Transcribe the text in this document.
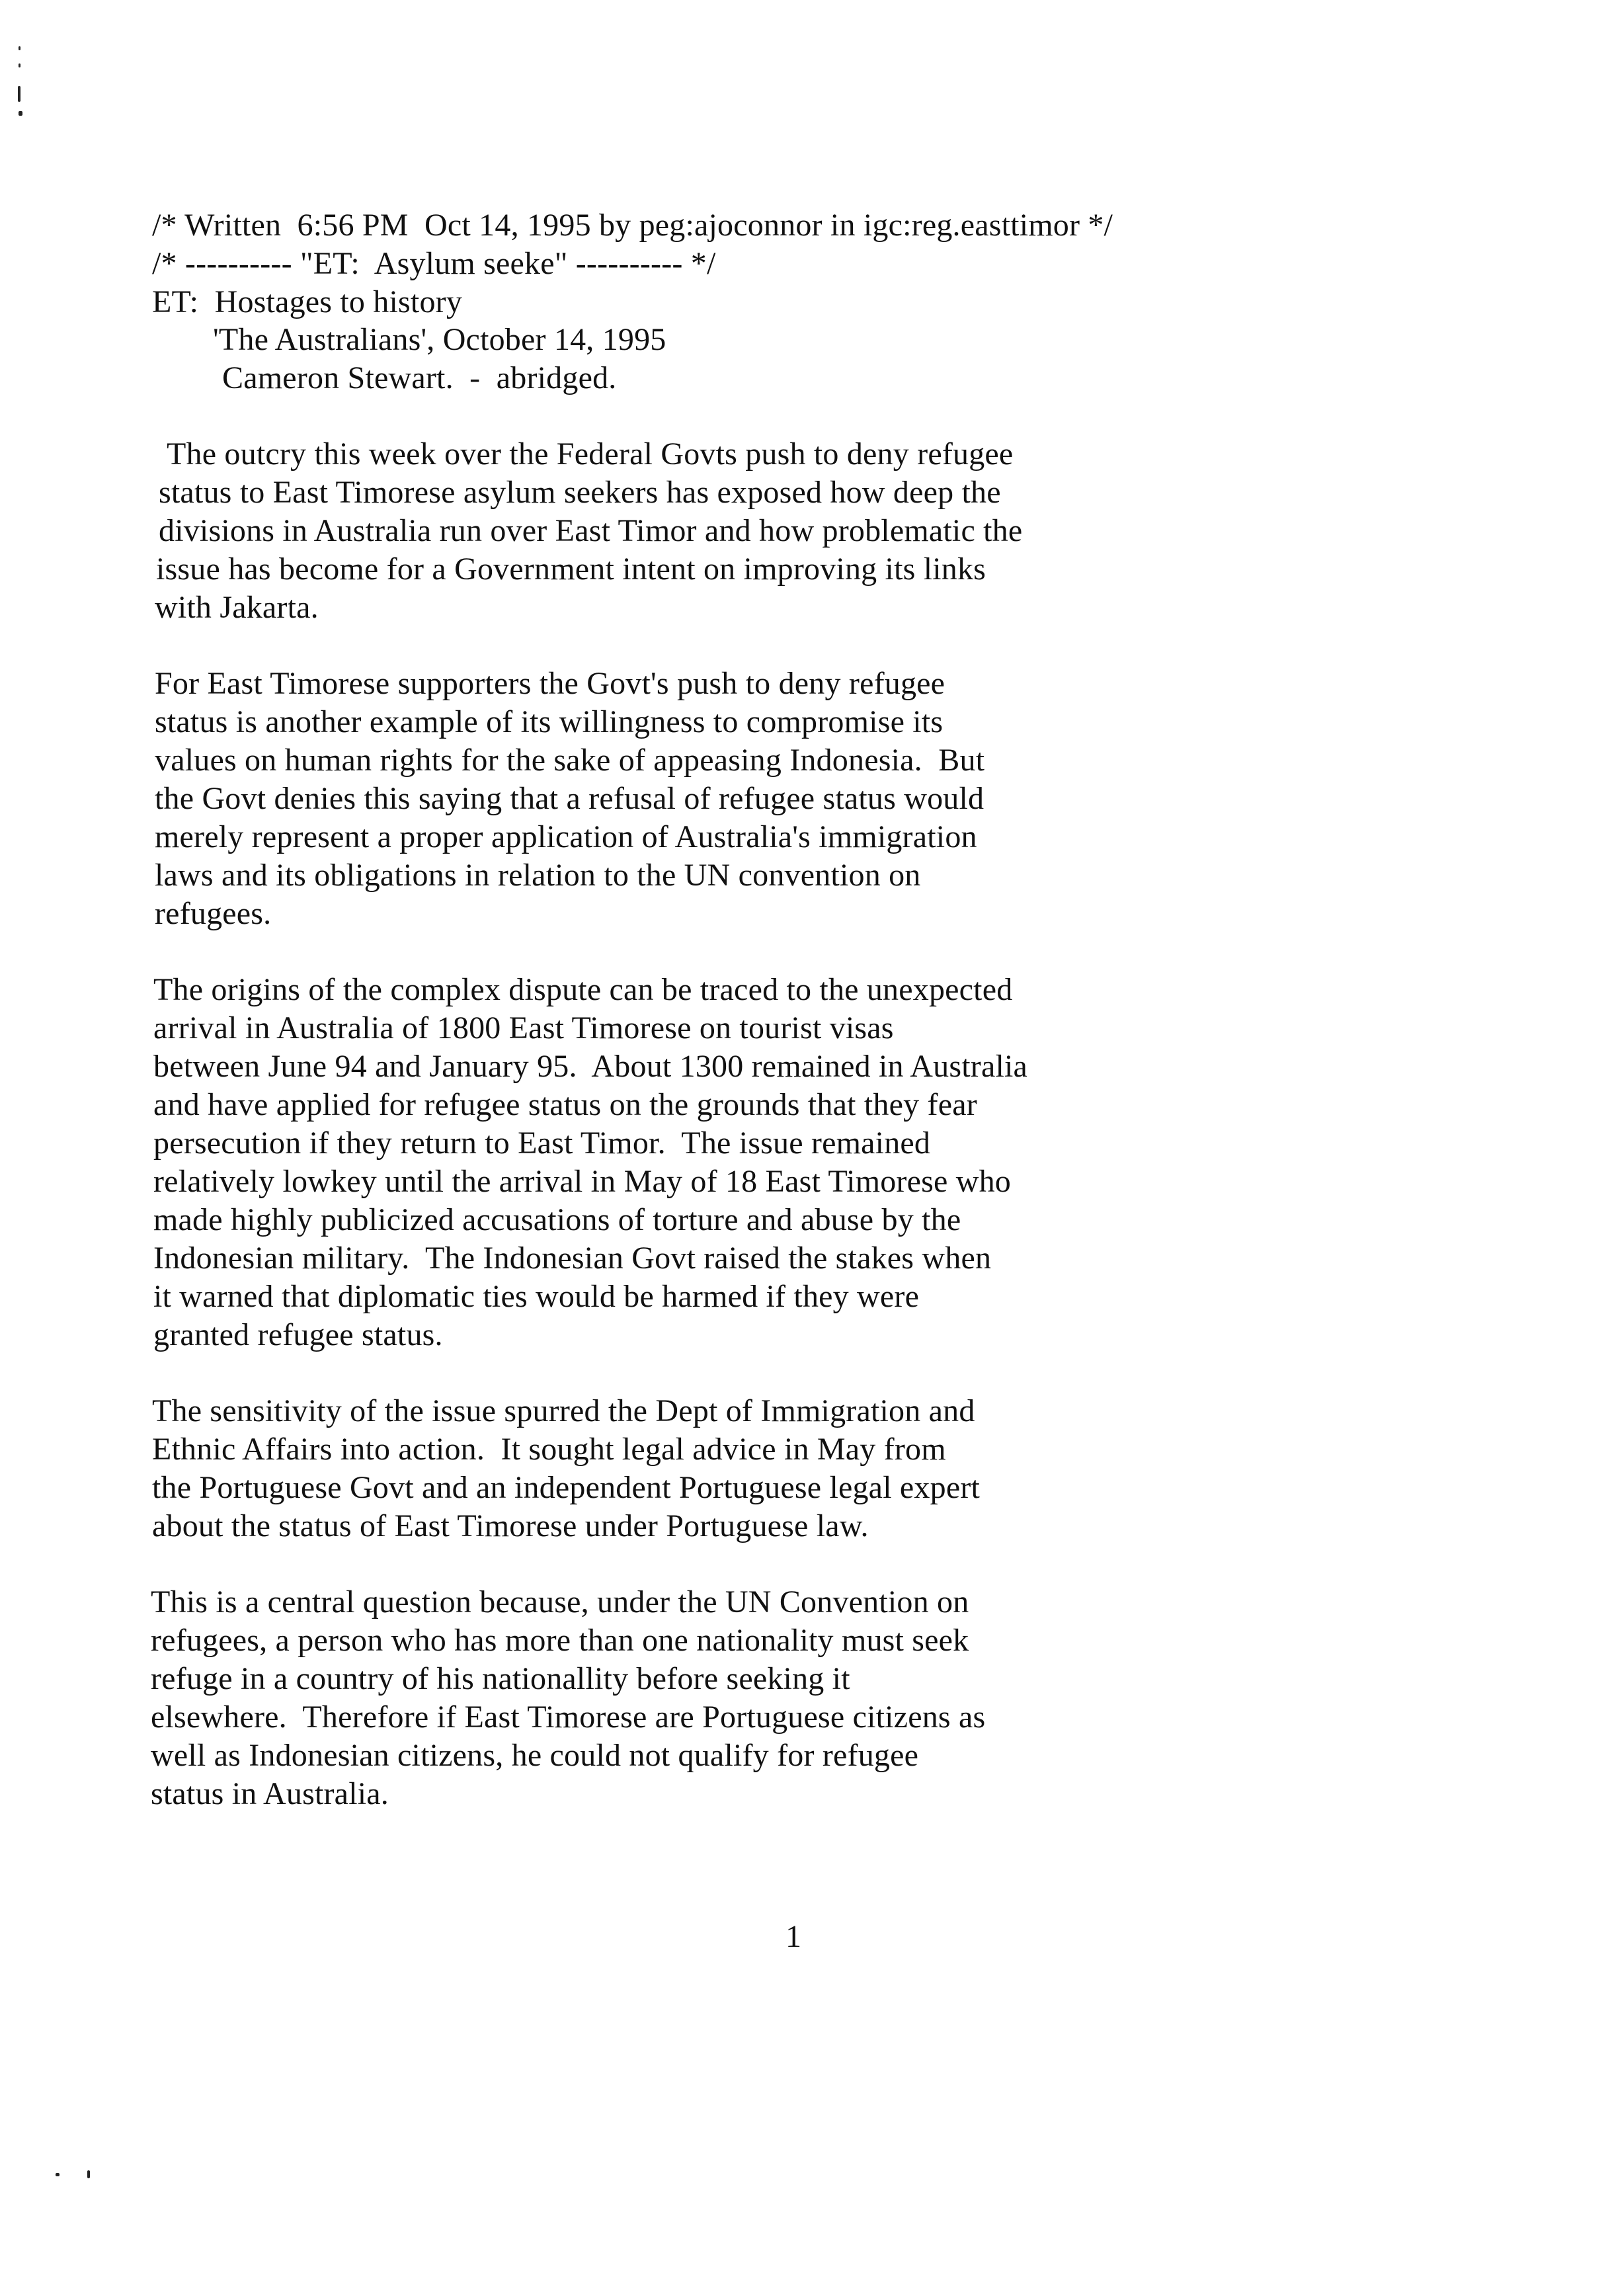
/* Written  6:56 PM  Oct 14, 1995 by peg:ajoconnor in igc:reg.easttimor */
/* ---------- "ET:  Asylum seeke" ---------- */
ET:  Hostages to history
'The Australians', October 14, 1995
Cameron Stewart.  -  abridged.
The outcry this week over the Federal Govts push to deny refugee
status to East Timorese asylum seekers has exposed how deep the
divisions in Australia run over East Timor and how problematic the
issue has become for a Government intent on improving its links
with Jakarta.
For East Timorese supporters the Govt's push to deny refugee
status is another example of its willingness to compromise its
values on human rights for the sake of appeasing Indonesia.  But
the Govt denies this saying that a refusal of refugee status would
merely represent a proper application of Australia's immigration
laws and its obligations in relation to the UN convention on
refugees.
The origins of the complex dispute can be traced to the unexpected
arrival in Australia of 1800 East Timorese on tourist visas
between June 94 and January 95.  About 1300 remained in Australia
and have applied for refugee status on the grounds that they fear
persecution if they return to East Timor.  The issue remained
relatively lowkey until the arrival in May of 18 East Timorese who
made highly publicized accusations of torture and abuse by the
Indonesian military.  The Indonesian Govt raised the stakes when
it warned that diplomatic ties would be harmed if they were
granted refugee status.
The sensitivity of the issue spurred the Dept of Immigration and
Ethnic Affairs into action.  It sought legal advice in May from
the Portuguese Govt and an independent Portuguese legal expert
about the status of East Timorese under Portuguese law.
This is a central question because, under the UN Convention on
refugees, a person who has more than one nationality must seek
refuge in a country of his nationallity before seeking it
elsewhere.  Therefore if East Timorese are Portuguese citizens as
well as Indonesian citizens, he could not qualify for refugee
status in Australia.
1
